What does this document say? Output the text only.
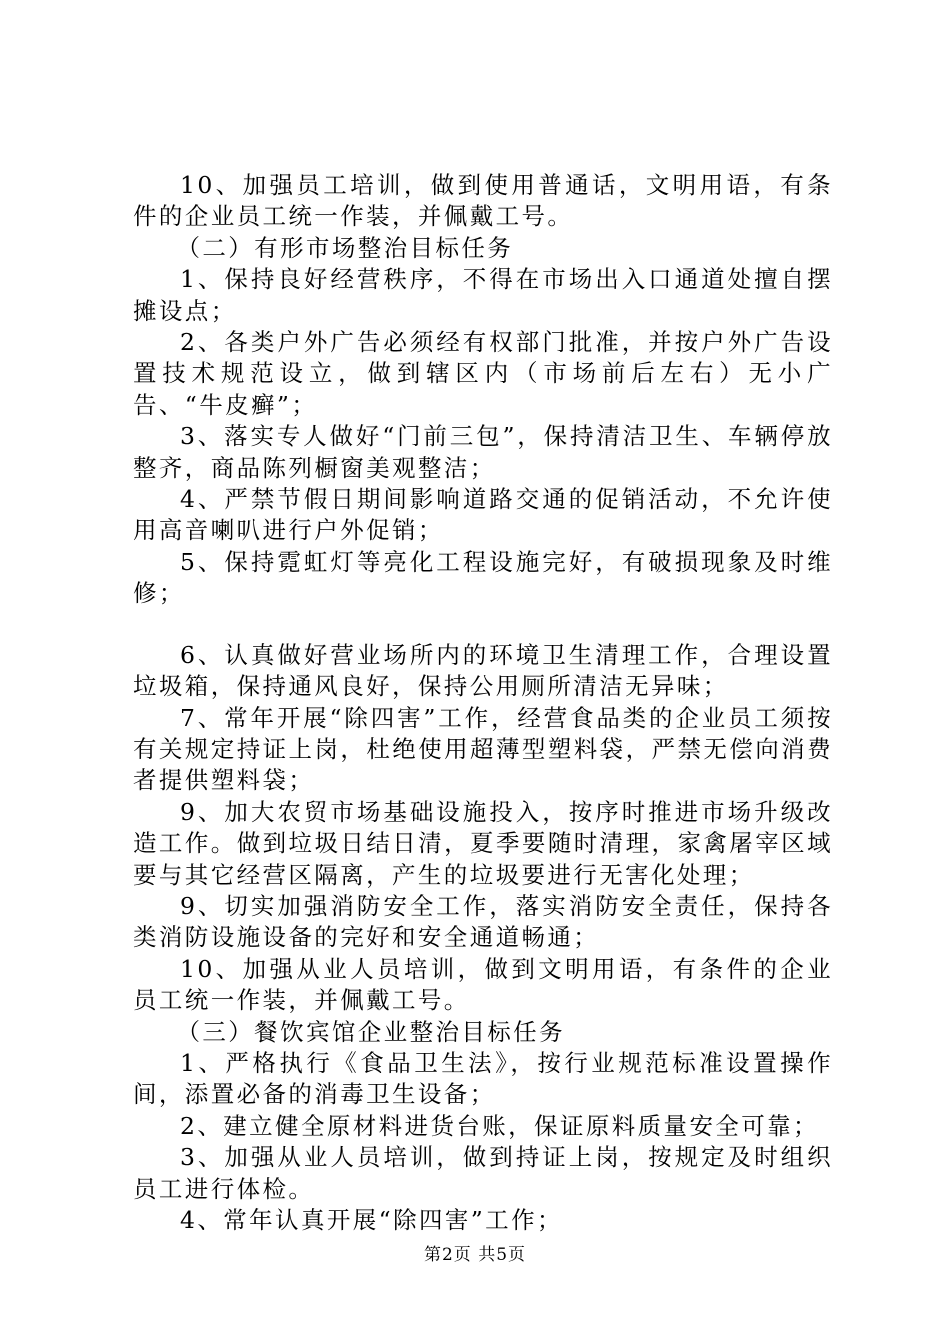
10、加强员工培训，做到使用普通话，文明用语，有条件的企业员工统一作装，并佩戴工号。

（二）有形市场整治目标任务

1、保持良好经营秩序，不得在市场出入口通道处擅自摆摊设点；

2、各类户外广告必须经有权部门批准，并按户外广告设置技术规范设立，做到辖区内（市场前后左右）无小广告、“牛皮癣”；

3、落实专人做好“门前三包”，保持清洁卫生、车辆停放整齐，商品陈列橱窗美观整洁；

4、严禁节假日期间影响道路交通的促销活动，不允许使用高音喇叭进行户外促销；

5、保持霓虹灯等亮化工程设施完好，有破损现象及时维修；

6、认真做好营业场所内的环境卫生清理工作，合理设置垃圾箱，保持通风良好，保持公用厕所清洁无异味；

7、常年开展“除四害”工作，经营食品类的企业员工须按有关规定持证上岗，杜绝使用超薄型塑料袋，严禁无偿向消费者提供塑料袋；

9、加大农贸市场基础设施投入，按序时推进市场升级改造工作。做到垃圾日结日清，夏季要随时清理，家禽屠宰区域要与其它经营区隔离，产生的垃圾要进行无害化处理；

9、切实加强消防安全工作，落实消防安全责任，保持各类消防设施设备的完好和安全通道畅通；

10、加强从业人员培训，做到文明用语，有条件的企业员工统一作装，并佩戴工号。

（三）餐饮宾馆企业整治目标任务

1、严格执行《食品卫生法》，按行业规范标准设置操作间，添置必备的消毒卫生设备；

2、建立健全原材料进货台账，保证原料质量安全可靠；

3、加强从业人员培训，做到持证上岗，按规定及时组织员工进行体检。

4、常年认真开展“除四害”工作；

第2页 共5页
